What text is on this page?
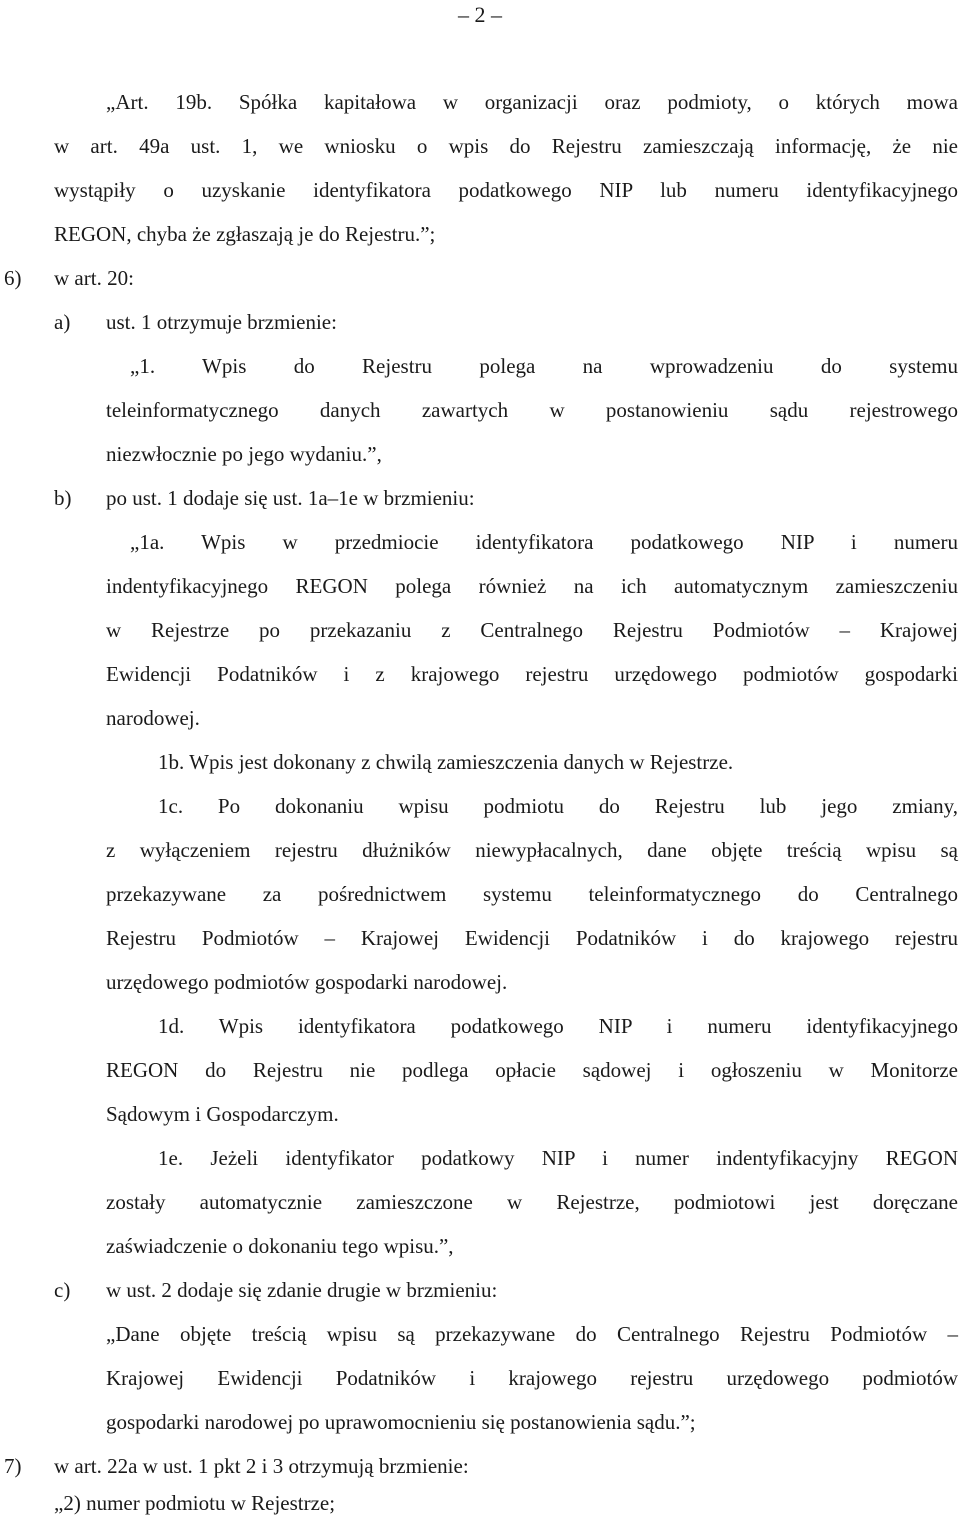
– 2 –
„Art. 19b. Spółka kapitałowa w organizacji oraz podmioty, o których mowa
w art. 49a ust. 1, we wniosku o wpis do Rejestru zamieszczają informację, że nie
wystąpiły o uzyskanie identyfikatora podatkowego NIP lub numeru identyfikacyjnego
REGON, chyba że zgłaszają je do Rejestru.”;
6) w art. 20:
a) ust. 1 otrzymuje brzmienie:
„1. Wpis do Rejestru polega na wprowadzeniu do systemu
teleinformatycznego danych zawartych w postanowieniu sądu rejestrowego
niezwłocznie po jego wydaniu.”,
b) po ust. 1 dodaje się ust. 1a–1e w brzmieniu:
„1a. Wpis w przedmiocie identyfikatora podatkowego NIP i numeru
indentyfikacyjnego REGON polega również na ich automatycznym zamieszczeniu
w Rejestrze po przekazaniu z Centralnego Rejestru Podmiotów – Krajowej
Ewidencji Podatników i z krajowego rejestru urzędowego podmiotów gospodarki
narodowej.
1b. Wpis jest dokonany z chwilą zamieszczenia danych w Rejestrze.
1c. Po dokonaniu wpisu podmiotu do Rejestru lub jego zmiany,
z wyłączeniem rejestru dłużników niewypłacalnych, dane objęte treścią wpisu są
przekazywane za pośrednictwem systemu teleinformatycznego do Centralnego
Rejestru Podmiotów – Krajowej Ewidencji Podatników i do krajowego rejestru
urzędowego podmiotów gospodarki narodowej.
1d. Wpis identyfikatora podatkowego NIP i numeru identyfikacyjnego
REGON do Rejestru nie podlega opłacie sądowej i ogłoszeniu w Monitorze
Sądowym i Gospodarczym.
1e. Jeżeli identyfikator podatkowy NIP i numer indentyfikacyjny REGON
zostały automatycznie zamieszczone w Rejestrze, podmiotowi jest doręczane
zaświadczenie o dokonaniu tego wpisu.”,
c) w ust. 2 dodaje się zdanie drugie w brzmieniu:
„Dane objęte treścią wpisu są przekazywane do Centralnego Rejestru Podmiotów –
Krajowej Ewidencji Podatników i krajowego rejestru urzędowego podmiotów
gospodarki narodowej po uprawomocnieniu się postanowienia sądu.”;
7) w art. 22a w ust. 1 pkt 2 i 3 otrzymują brzmienie:
„2) numer podmiotu w Rejestrze;
